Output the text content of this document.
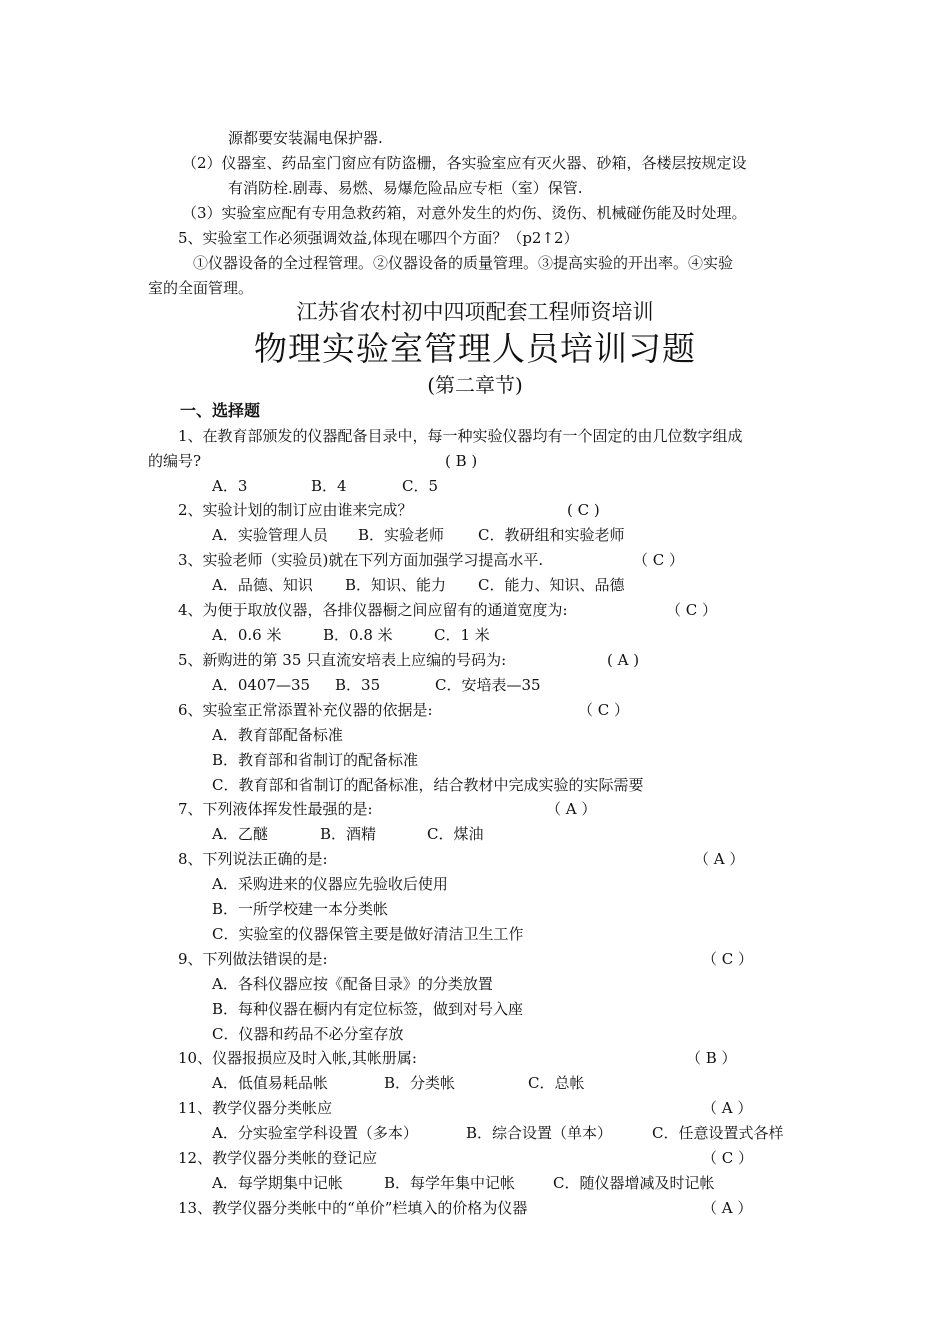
源都要安装漏电保护器.
（2）仪器室、药品室门窗应有防盗栅，各实验室应有灭火器、砂箱，各楼层按规定设
有消防栓.剧毒、易燃、易爆危险品应专柜（室）保管.
（3）实验室应配有专用急救药箱，对意外发生的灼伤、烫伤、机械碰伤能及时处理。
5、实验室工作必须强调效益,体现在哪四个方面？（p2↑2）
①仪器设备的全过程管理。②仪器设备的质量管理。③提高实验的开出率。④实验
室的全面管理。
江苏省农村初中四项配套工程师资培训
物理实验室管理人员培训习题
(第二章节)
一、选择题
1、在教育部颁发的仪器配备目录中，每一种实验仪器均有一个固定的由几位数字组成
的编号?	( B )
A．3	B．4	C．5
2、实验计划的制订应由谁来完成？	( C )
A．实验管理人员 B．实验老师 C．教研组和实验老师
3、实验老师（实验员)就在下列方面加强学习提高水平.	（ C ）
A．品德、知识 B．知识、能力 C．能力、知识、品德
4、为便于取放仪器，各排仪器橱之间应留有的通道宽度为:	（ C ）
A．0.6 米	B．0.8 米	C．1 米
5、新购进的第 35 只直流安培表上应编的号码为:	( A )
A．0407—35 B．35	C．安培表—35
6、实验室正常添置补充仪器的依据是:	（ C ）
A．教育部配备标准
B．教育部和省制订的配备标准
C．教育部和省制订的配备标准，结合教材中完成实验的实际需要
7、下列液体挥发性最强的是:	（ A ）
A．乙醚	B．酒精	C．煤油
8、下列说法正确的是:	（ A ）
A．采购进来的仪器应先验收后使用
B．一所学校建一本分类帐
C．实验室的仪器保管主要是做好清洁卫生工作
9、下列做法错误的是:	（ C ）
A．各科仪器应按《配备目录》的分类放置
B．每种仪器在橱内有定位标签，做到对号入座
C．仪器和药品不必分室存放
10、仪器报损应及时入帐,其帐册属:	（ B ）
A．低值易耗品帐	B．分类帐	C．总帐
11、教学仪器分类帐应	（ A ）
A．分实验室学科设置（多本）	B．综合设置（单本）	C．任意设置式各样
12、教学仪器分类帐的登记应	（ C ）
A．每学期集中记帐	B．每学年集中记帐	C．随仪器增减及时记帐
13、教学仪器分类帐中的“单价”栏填入的价格为仪器	（ A ）
